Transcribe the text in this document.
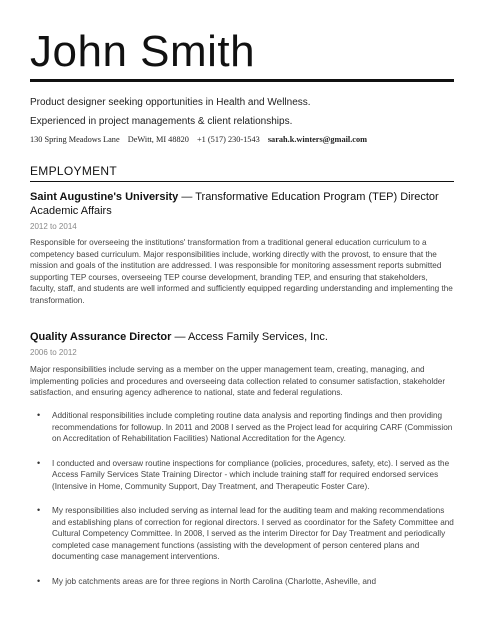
John Smith
Product designer seeking opportunities in Health and Wellness.
Experienced in project managements & client relationships.
130 Spring Meadows Lane DeWitt, MI 48820 +1 (517) 230-1543 sarah.k.winters@gmail.com
EMPLOYMENT
Saint Augustine's University — Transformative Education Program (TEP) Director Academic Affairs
2012 to 2014
Responsible for overseeing the institutions' transformation from a traditional general education curriculum to a competency based curriculum. Major responsibilities include, working directly with the provost, to ensure that the mission and goals of the institution are addressed. I was responsible for monitoring assessment reports submitted supporting TEP courses, overseeing TEP course development, branding TEP, and ensuring that stakeholders, faculty, staff, and students are well informed and sufficiently equipped regarding understanding and implementing the transformation.
Quality Assurance Director — Access Family Services, Inc.
2006 to 2012
Major responsibilities include serving as a member on the upper management team, creating, managing, and implementing policies and procedures and overseeing data collection related to consumer satisfaction, stakeholder satisfaction, and ensuring agency adherence to national, state and federal regulations.
• Additional responsibilities include completing routine data analysis and reporting findings and then providing recommendations for followup. In 2011 and 2008 I served as the Project lead for acquiring CARF (Commission on Accreditation of Rehabilitation Facilities) National Accreditation for the Agency.
• I conducted and oversaw routine inspections for compliance (policies, procedures, safety, etc). I served as the Access Family Services State Training Director - which include training staff for required endorsed services (Intensive in Home, Community Support, Day Treatment, and Therapeutic Foster Care).
• My responsibilities also included serving as internal lead for the auditing team and making recommendations and establishing plans of correction for regional directors. I served as coordinator for the Safety Committee and Cultural Competency Committee. In 2008, I served as the interim Director for Day Treatment and periodically completed case management functions (assisting with the development of person centered plans and documenting case management interventions.
• My job catchments areas are for three regions in North Carolina (Charlotte, Asheville, and
